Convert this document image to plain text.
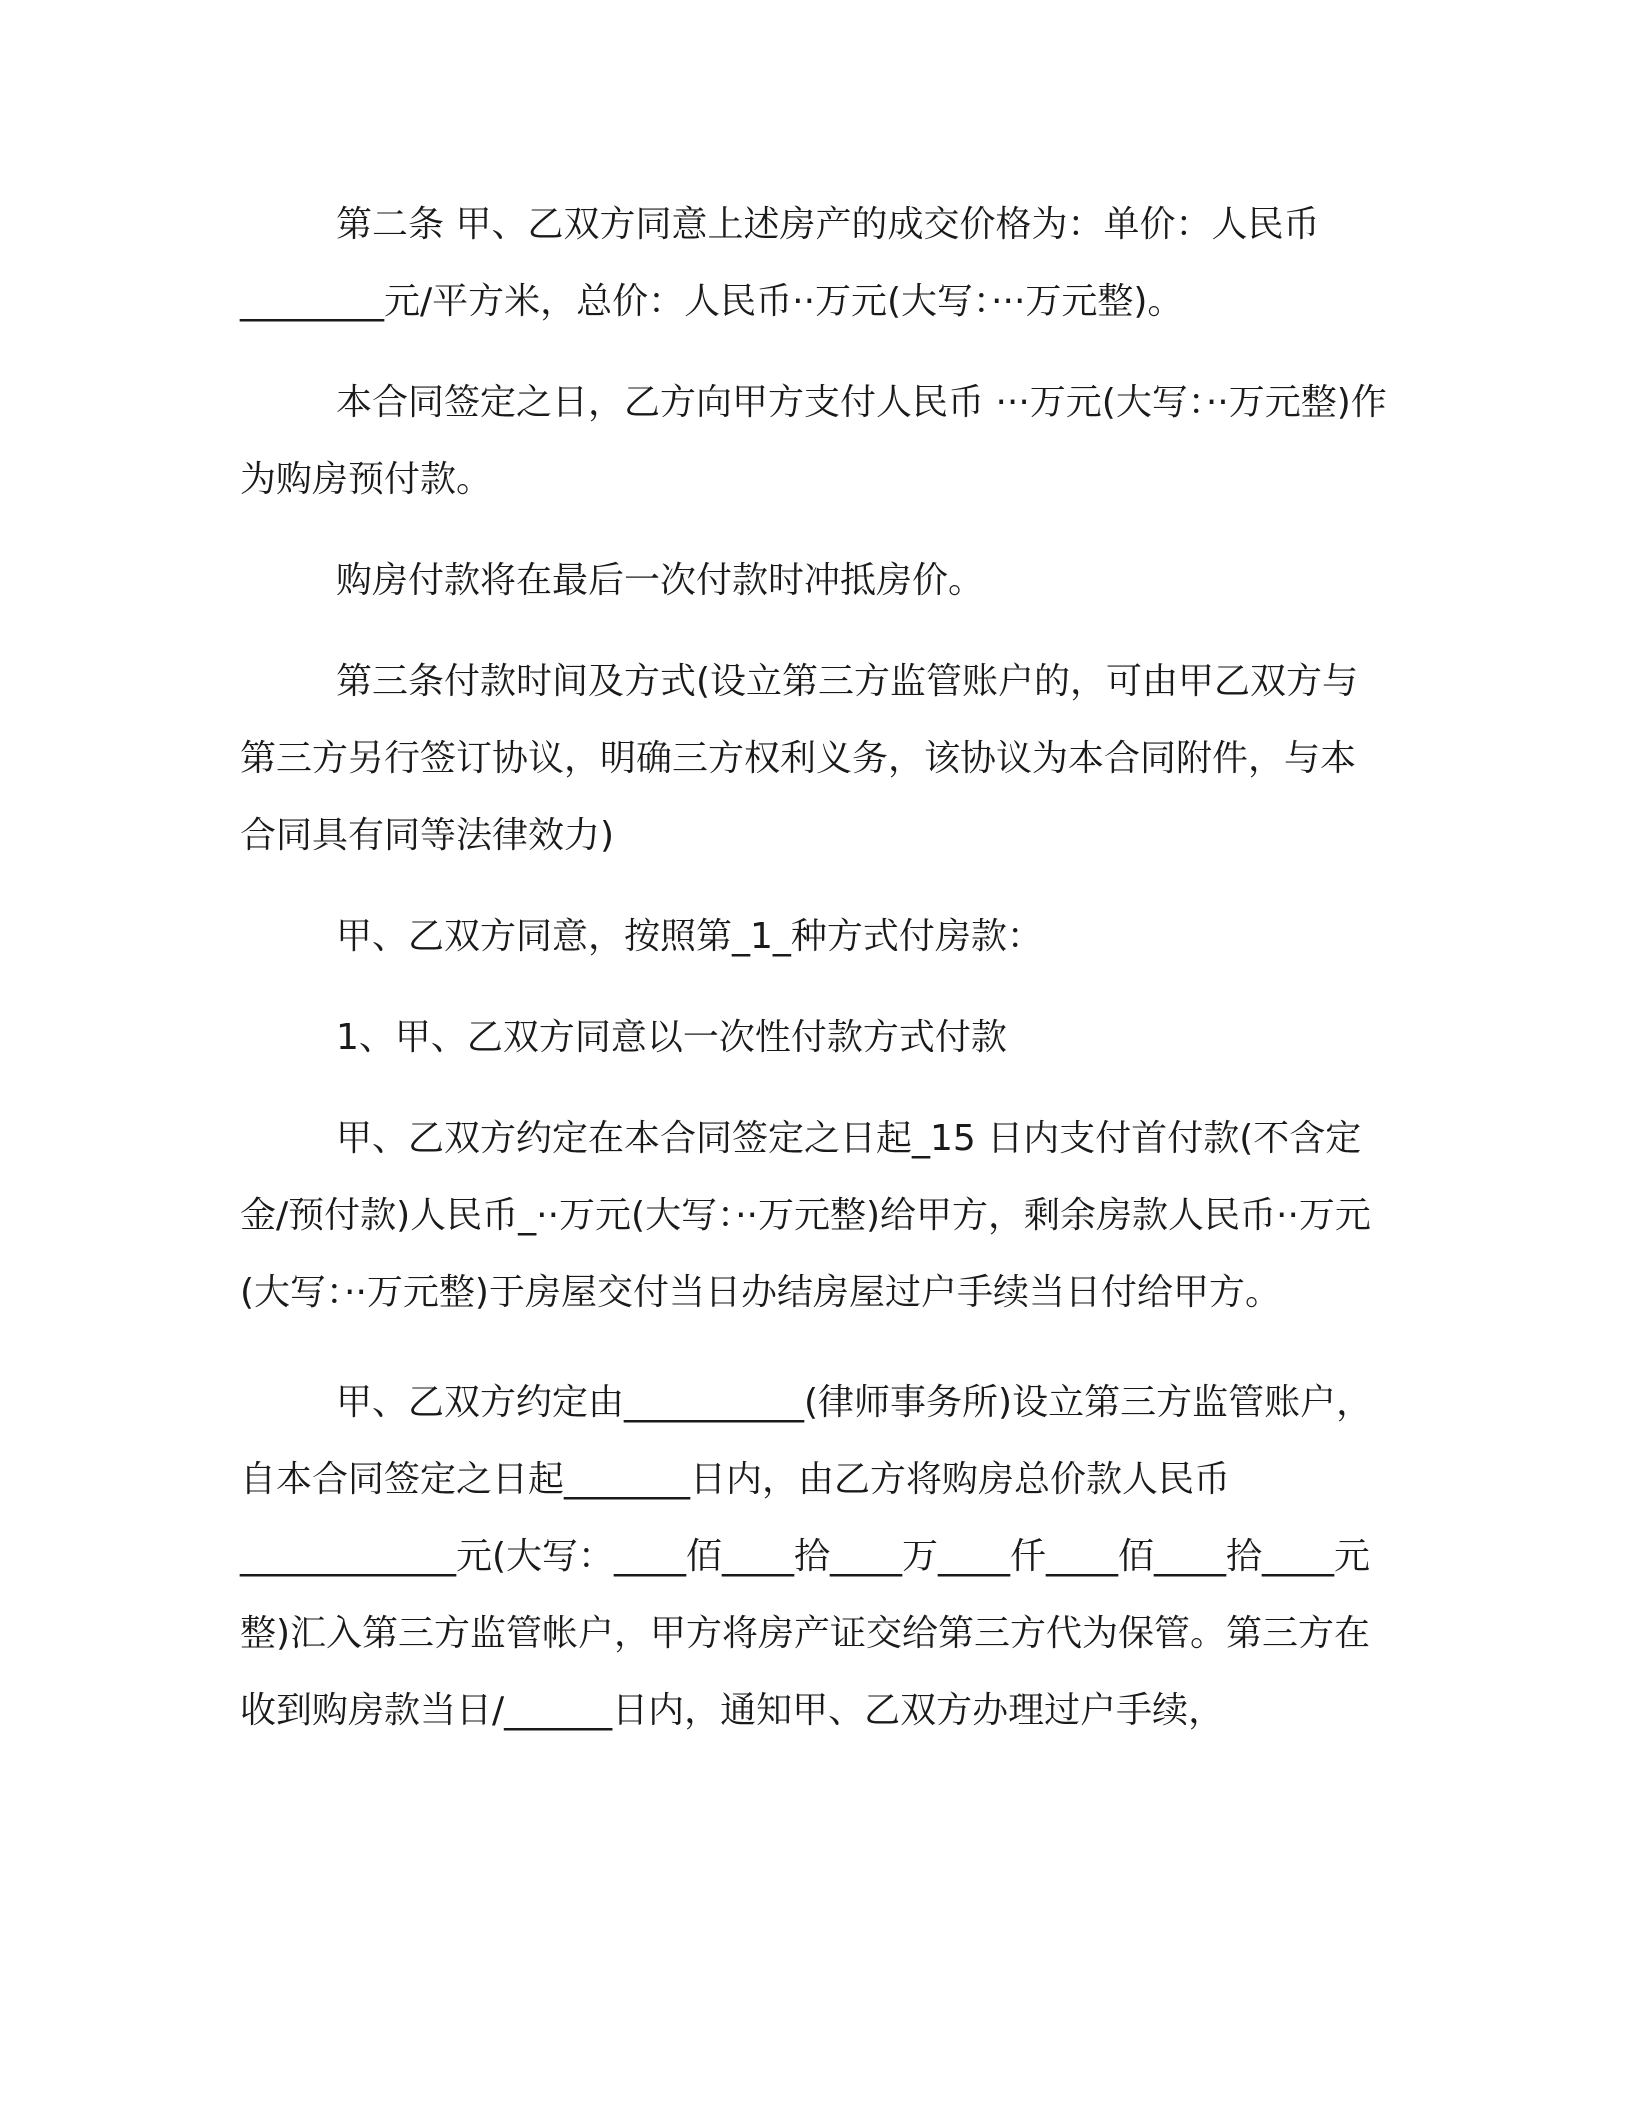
第二条 甲、乙双方同意上述房产的成交价格为：单价：人民币________元/平方米，总价：人民币··万元(大写：···万元整)。

本合同签定之日，乙方向甲方支付人民币 ···万元(大写：··万元整)作为购房预付款。

购房付款将在最后一次付款时冲抵房价。

第三条付款时间及方式(设立第三方监管账户的，可由甲乙双方与第三方另行签订协议，明确三方权利义务，该协议为本合同附件，与本合同具有同等法律效力)

甲、乙双方同意，按照第_1_种方式付房款：

1、甲、乙双方同意以一次性付款方式付款

甲、乙双方约定在本合同签定之日起_15 日内支付首付款(不含定金/预付款)人民币_··万元(大写：··万元整)给甲方，剩余房款人民币··万元(大写：··万元整)于房屋交付当日办结房屋过户手续当日付给甲方。

甲、乙双方约定由__________(律师事务所)设立第三方监管账户，自本合同签定之日起_______日内，由乙方将购房总价款人民币____________元(大写：____佰____拾____万____仟____佰____拾____元整)汇入第三方监管帐户，甲方将房产证交给第三方代为保管。第三方在收到购房款当日/______日内，通知甲、乙双方办理过户手续，
